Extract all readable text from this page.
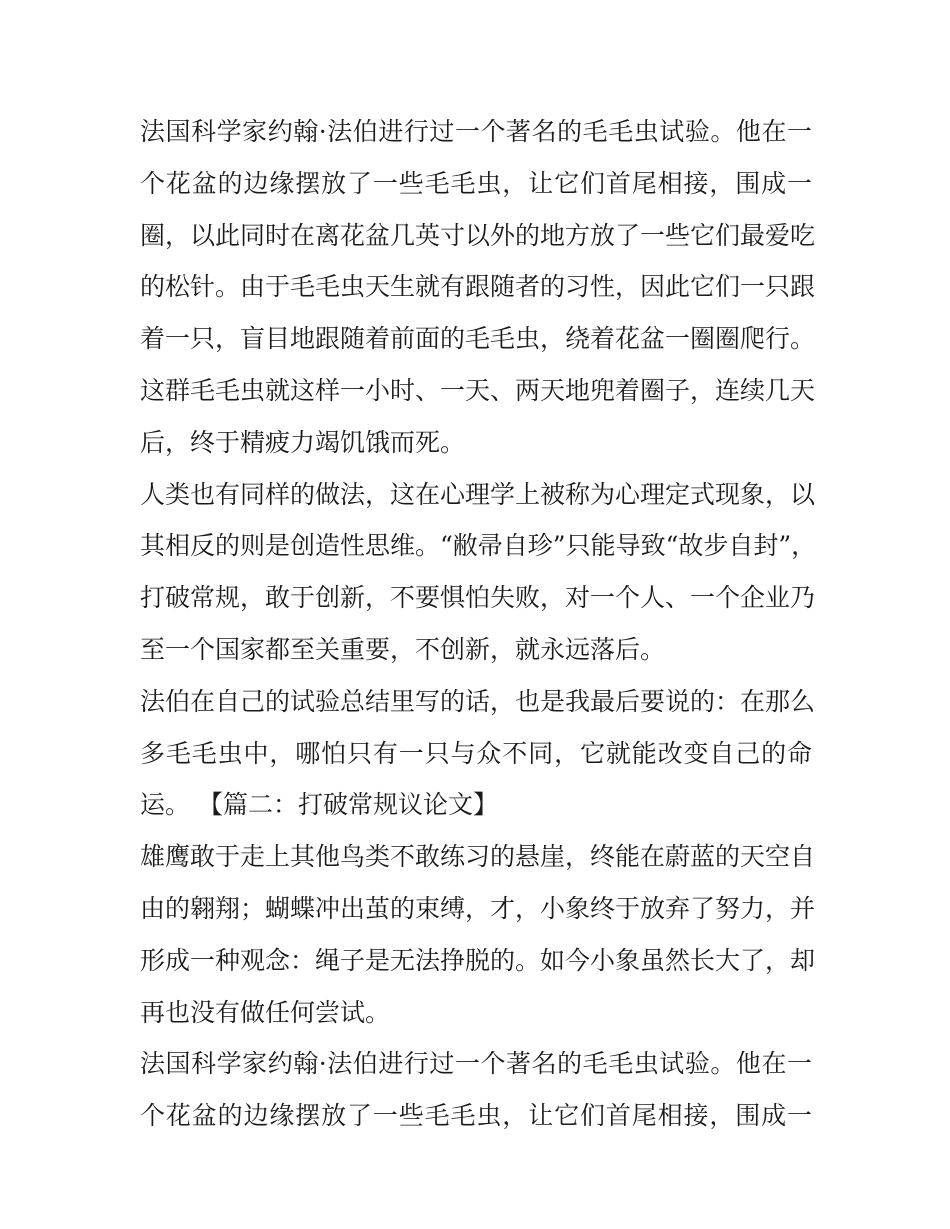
法国科学家约翰·法伯进行过一个著名的毛毛虫试验。他在一
个花盆的边缘摆放了一些毛毛虫，让它们首尾相接，围成一
圈，以此同时在离花盆几英寸以外的地方放了一些它们最爱吃
的松针。由于毛毛虫天生就有跟随者的习性，因此它们一只跟
着一只，盲目地跟随着前面的毛毛虫，绕着花盆一圈圈爬行。
这群毛毛虫就这样一小时、一天、两天地兜着圈子，连续几天
后，终于精疲力竭饥饿而死。
人类也有同样的做法，这在心理学上被称为心理定式现象，以
其相反的则是创造性思维。“敝帚自珍”只能导致“故步自封”，
打破常规，敢于创新，不要惧怕失败，对一个人、一个企业乃
至一个国家都至关重要，不创新，就永远落后。
法伯在自己的试验总结里写的话，也是我最后要说的：在那么
多毛毛虫中，哪怕只有一只与众不同，它就能改变自己的命
运。 【篇二：打破常规议论文】
雄鹰敢于走上其他鸟类不敢练习的悬崖，终能在蔚蓝的天空自
由的翱翔；蝴蝶冲出茧的束缚，才，小象终于放弃了努力，并
形成一种观念：绳子是无法挣脱的。如今小象虽然长大了，却
再也没有做任何尝试。
法国科学家约翰·法伯进行过一个著名的毛毛虫试验。他在一
个花盆的边缘摆放了一些毛毛虫，让它们首尾相接，围成一
